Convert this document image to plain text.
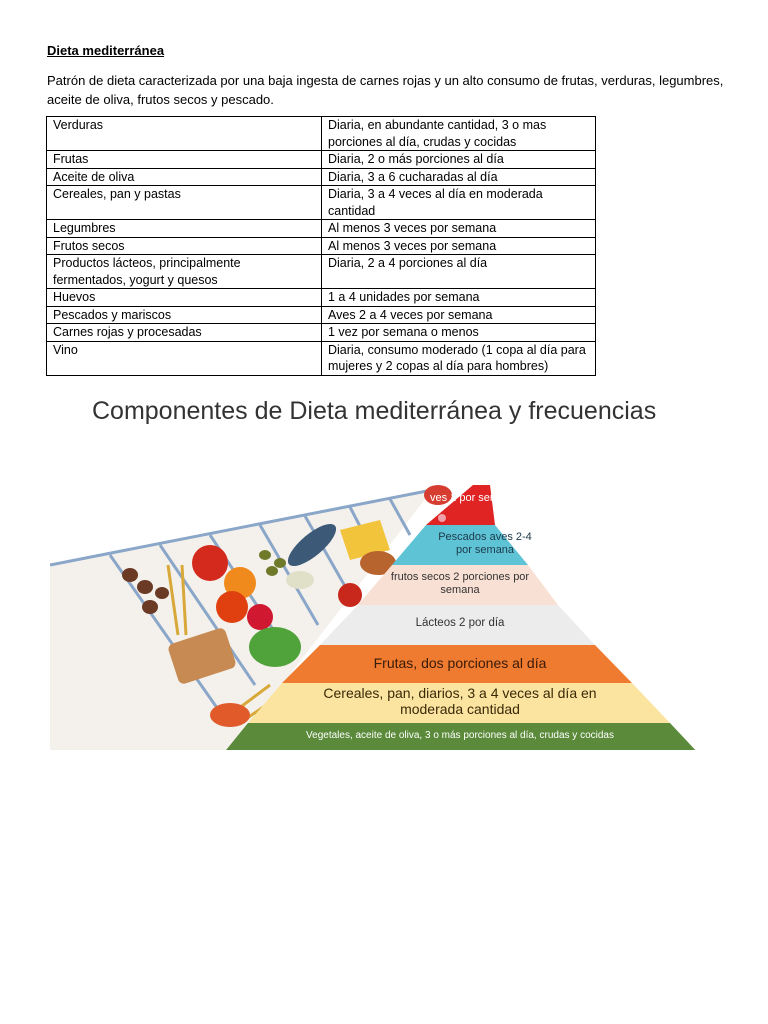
Dieta mediterránea
Patrón de dieta caracterizada por una baja ingesta de carnes rojas y un alto consumo de frutas, verduras, legumbres, aceite de oliva, frutos secos y pescado.
Verduras	Diaria, en abundante cantidad, 3 o mas porciones al día, crudas y cocidas
Frutas	Diaria, 2 o más porciones al día
Aceite de oliva	Diaria, 3 a 6 cucharadas al día
Cereales, pan y pastas	Diaria, 3 a 4 veces al día en moderada cantidad
Legumbres	Al menos 3 veces por semana
Frutos secos	Al menos 3 veces por semana
Productos lácteos, principalmente fermentados, yogurt y quesos	Diaria, 2 a 4 porciones al día
Huevos	1 a 4 unidades por semana
Pescados y mariscos	Aves 2 a 4 veces por semana
Carnes rojas y procesadas	1 vez por semana o menos
Vino	Diaria, consumo moderado (1 copa al día para mujeres y 2 copas al día para hombres)
Componentes de Dieta mediterránea y frecuencias
ves 1 por semana
Pescados aves 2-4 por semana
frutos secos 2 porciones por semana
Lácteos 2 por día
Frutas, dos porciones al día
Cereales, pan, diarios, 3 a 4 veces al día en moderada cantidad
Vegetales, aceite de oliva, 3 o más porciones al día, crudas y cocidas
